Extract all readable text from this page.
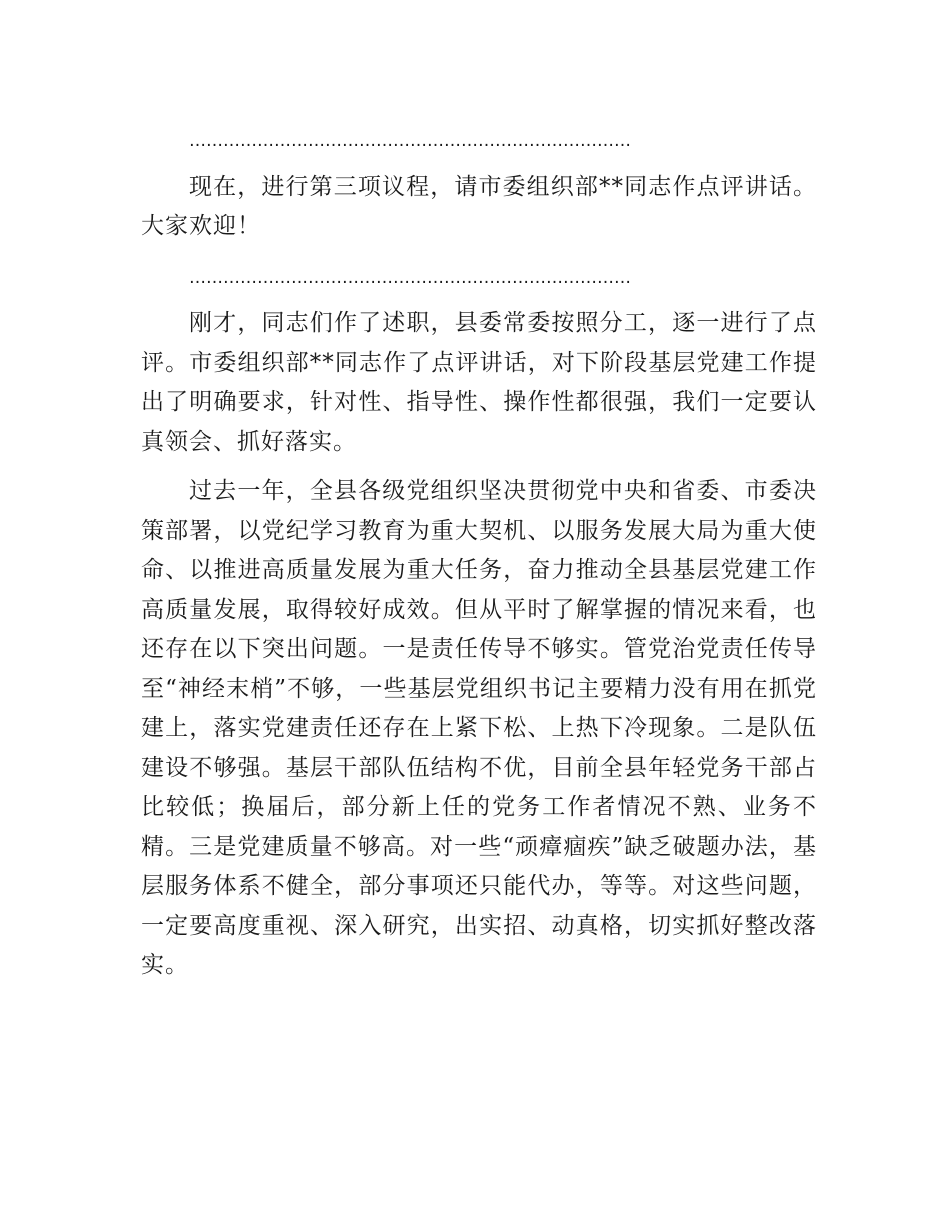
……………………………………………………………………

现在，进行第三项议程，请市委组织部**同志作点评讲话。大家欢迎！

……………………………………………………………………

刚才，同志们作了述职，县委常委按照分工，逐一进行了点评。市委组织部**同志作了点评讲话，对下阶段基层党建工作提出了明确要求，针对性、指导性、操作性都很强，我们一定要认真领会、抓好落实。

过去一年，全县各级党组织坚决贯彻党中央和省委、市委决策部署，以党纪学习教育为重大契机、以服务发展大局为重大使命、以推进高质量发展为重大任务，奋力推动全县基层党建工作高质量发展，取得较好成效。但从平时了解掌握的情况来看，也还存在以下突出问题。一是责任传导不够实。管党治党责任传导至“神经末梢”不够，一些基层党组织书记主要精力没有用在抓党建上，落实党建责任还存在上紧下松、上热下冷现象。二是队伍建设不够强。基层干部队伍结构不优，目前全县年轻党务干部占比较低；换届后，部分新上任的党务工作者情况不熟、业务不精。三是党建质量不够高。对一些“顽瘴痼疾”缺乏破题办法，基层服务体系不健全，部分事项还只能代办，等等。对这些问题，一定要高度重视、深入研究，出实招、动真格，切实抓好整改落实。
